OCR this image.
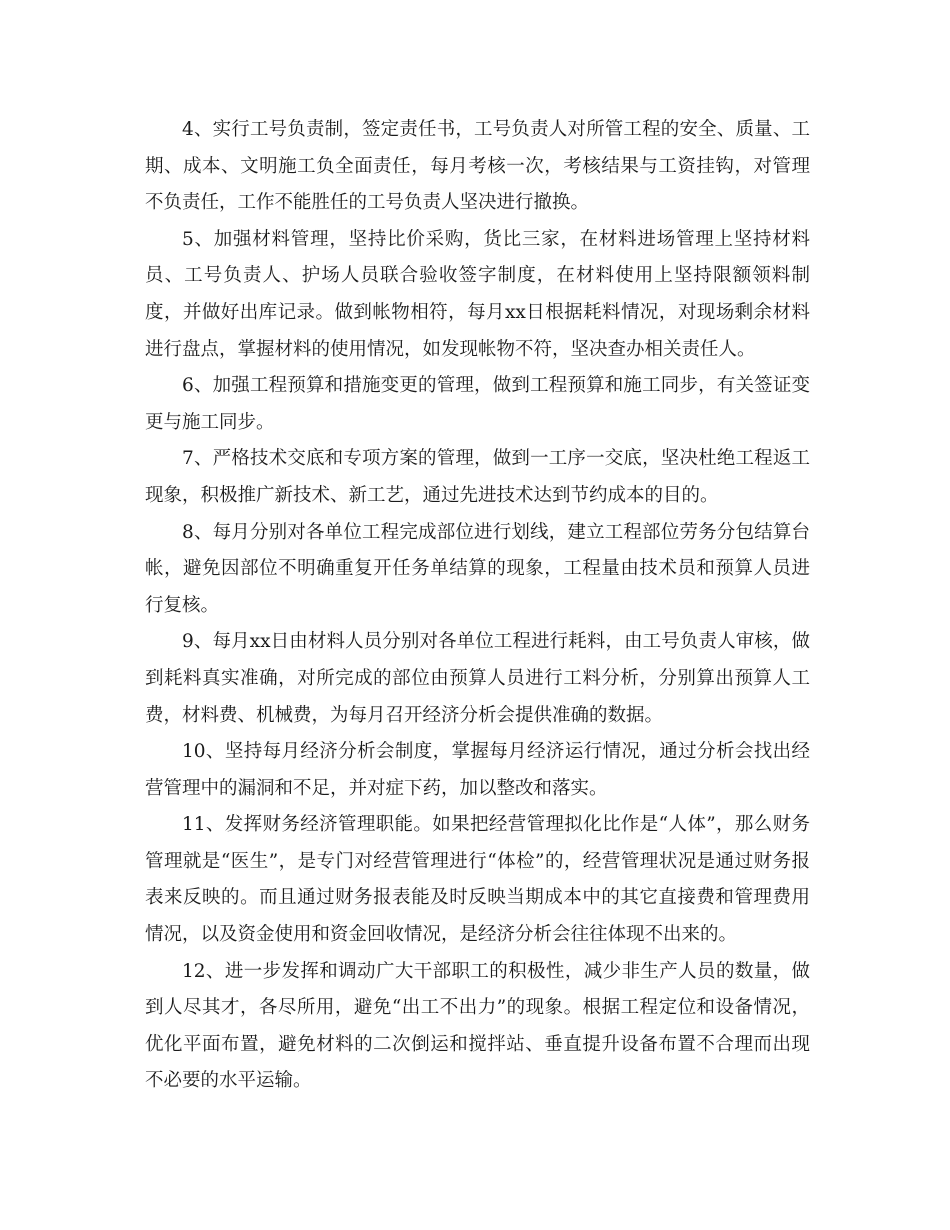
4、实行工号负责制，签定责任书，工号负责人对所管工程的安全、质量、工期、成本、文明施工负全面责任，每月考核一次，考核结果与工资挂钩，对管理不负责任，工作不能胜任的工号负责人坚决进行撤换。

5、加强材料管理，坚持比价采购，货比三家，在材料进场管理上坚持材料员、工号负责人、护场人员联合验收签字制度，在材料使用上坚持限额领料制度，并做好出库记录。做到帐物相符，每月xx日根据耗料情况，对现场剩余材料进行盘点，掌握材料的使用情况，如发现帐物不符，坚决查办相关责任人。

6、加强工程预算和措施变更的管理，做到工程预算和施工同步，有关签证变更与施工同步。

7、严格技术交底和专项方案的管理，做到一工序一交底，坚决杜绝工程返工现象，积极推广新技术、新工艺，通过先进技术达到节约成本的目的。

8、每月分别对各单位工程完成部位进行划线，建立工程部位劳务分包结算台帐，避免因部位不明确重复开任务单结算的现象，工程量由技术员和预算人员进行复核。

9、每月xx日由材料人员分别对各单位工程进行耗料，由工号负责人审核，做到耗料真实准确，对所完成的部位由预算人员进行工料分析，分别算出预算人工费，材料费、机械费，为每月召开经济分析会提供准确的数据。

10、坚持每月经济分析会制度，掌握每月经济运行情况，通过分析会找出经营管理中的漏洞和不足，并对症下药，加以整改和落实。

11、发挥财务经济管理职能。如果把经营管理拟化比作是“人体”，那么财务管理就是“医生”，是专门对经营管理进行“体检”的，经营管理状况是通过财务报表来反映的。而且通过财务报表能及时反映当期成本中的其它直接费和管理费用情况，以及资金使用和资金回收情况，是经济分析会往往体现不出来的。

12、进一步发挥和调动广大干部职工的积极性，减少非生产人员的数量，做到人尽其才，各尽所用，避免“出工不出力”的现象。根据工程定位和设备情况，优化平面布置，避免材料的二次倒运和搅拌站、垂直提升设备布置不合理而出现不必要的水平运输。
